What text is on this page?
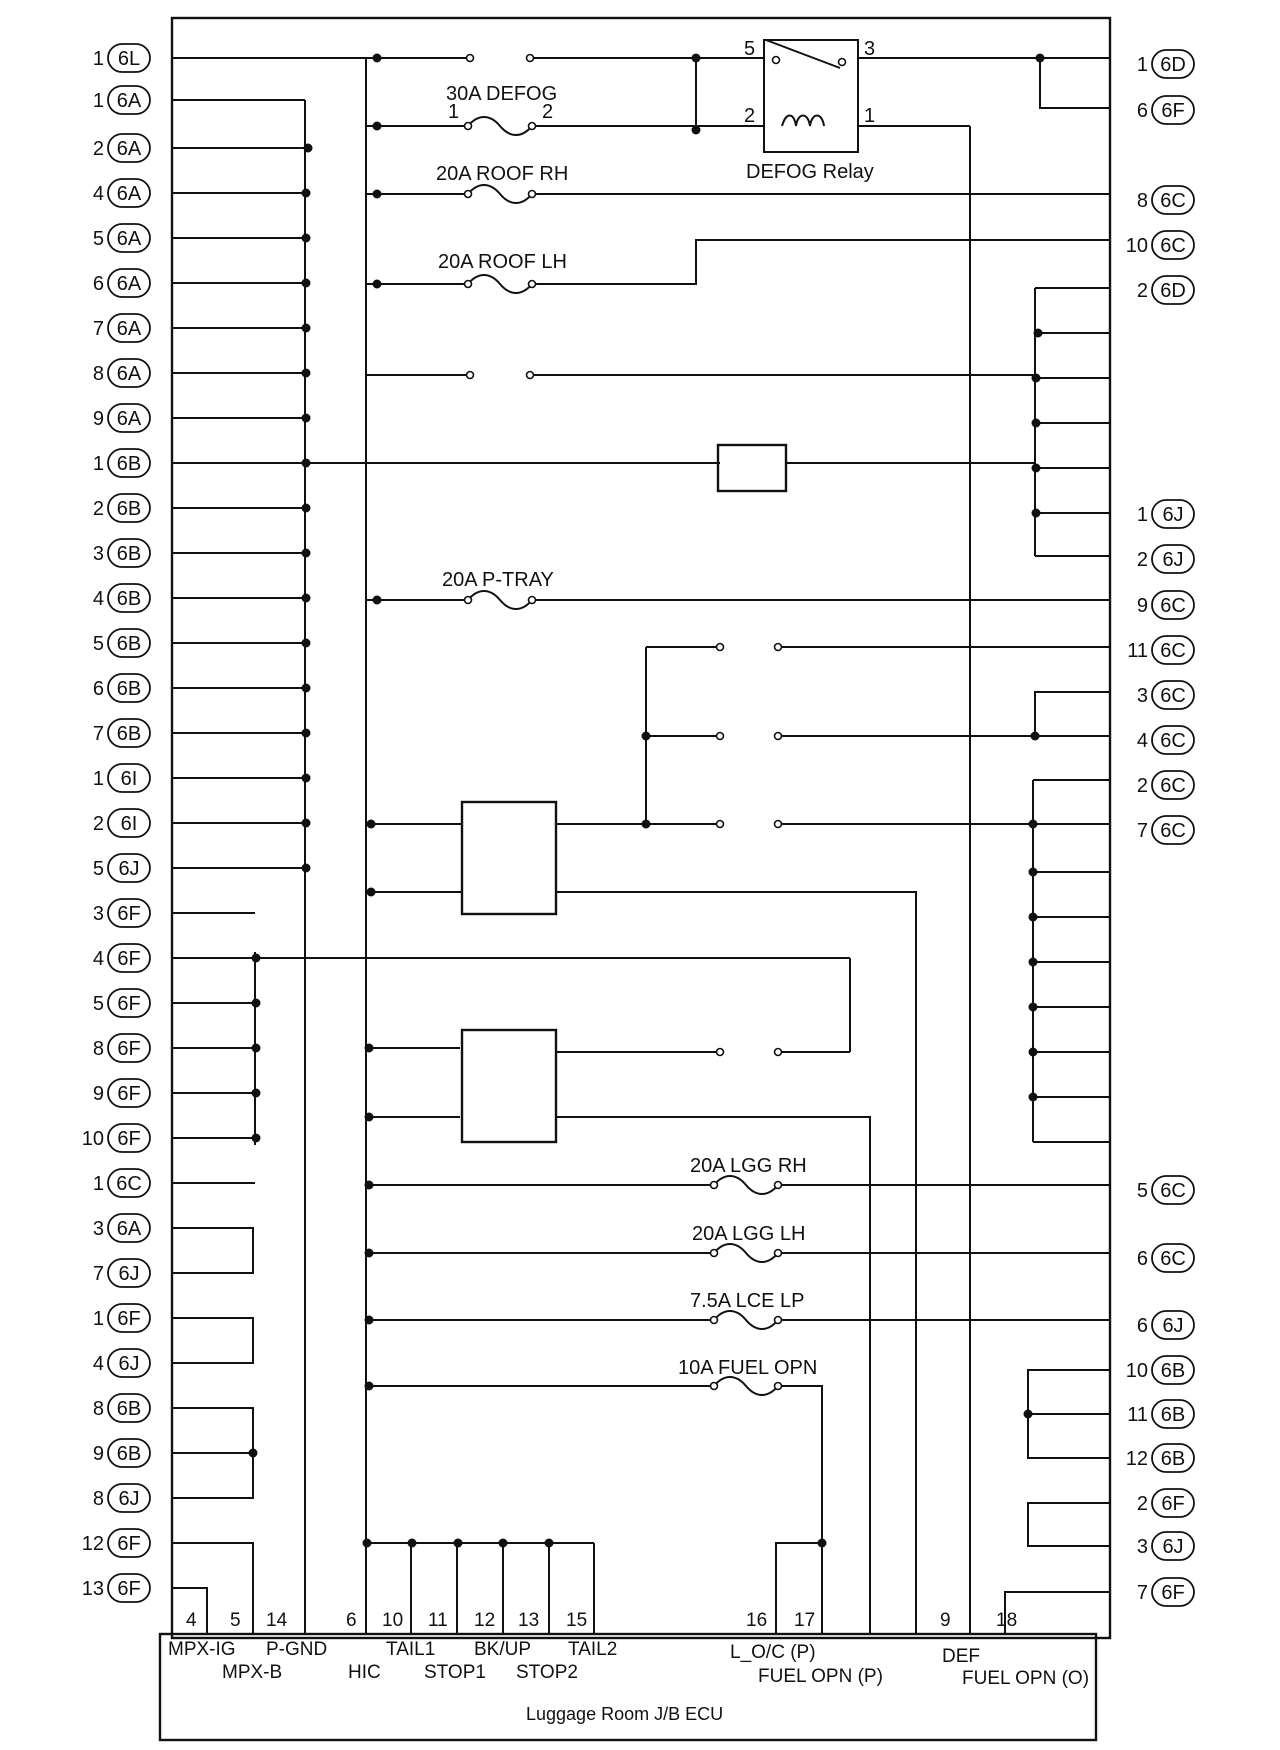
1 6L
1 6A
2 6A
4 6A
5 6A
6 6A
7 6A
8 6A
9 6A
1 6B
2 6B
3 6B
4 6B
5 6B
6 6B
7 6B
1 6I
2 6I
5 6J
3 6F
4 6F
5 6F
8 6F
9 6F
10 6F
1 6C
3 6A
7 6J
1 6F
4 6J
8 6B
9 6B
8 6J
12 6F
13 6F
1 6D
6 6F
8 6C
10 6C
2 6D
1 6J
2 6J
9 6C
11 6C
3 6C
4 6C
2 6C
7 6C
5 6C
6 6C
6 6J
10 6B
11 6B
12 6B
2 6F
3 6J
7 6F
30A DEFOG
1	2
20A ROOF RH
20A ROOF LH
20A P-TRAY
20A LGG RH
20A LGG LH
7.5A LCE LP
10A FUEL OPN
5	3
2	1
DEFOG Relay
4 5 14	6 10 11 12 13 15	16 17	9 18
MPX-IG P-GND
MPX-B	HIC
TAIL1 BK/UP TAIL2
STOP1 STOP2
L_O/C (P)
FUEL OPN (P)
DEF
FUEL OPN (O)
Luggage Room J/B ECU
